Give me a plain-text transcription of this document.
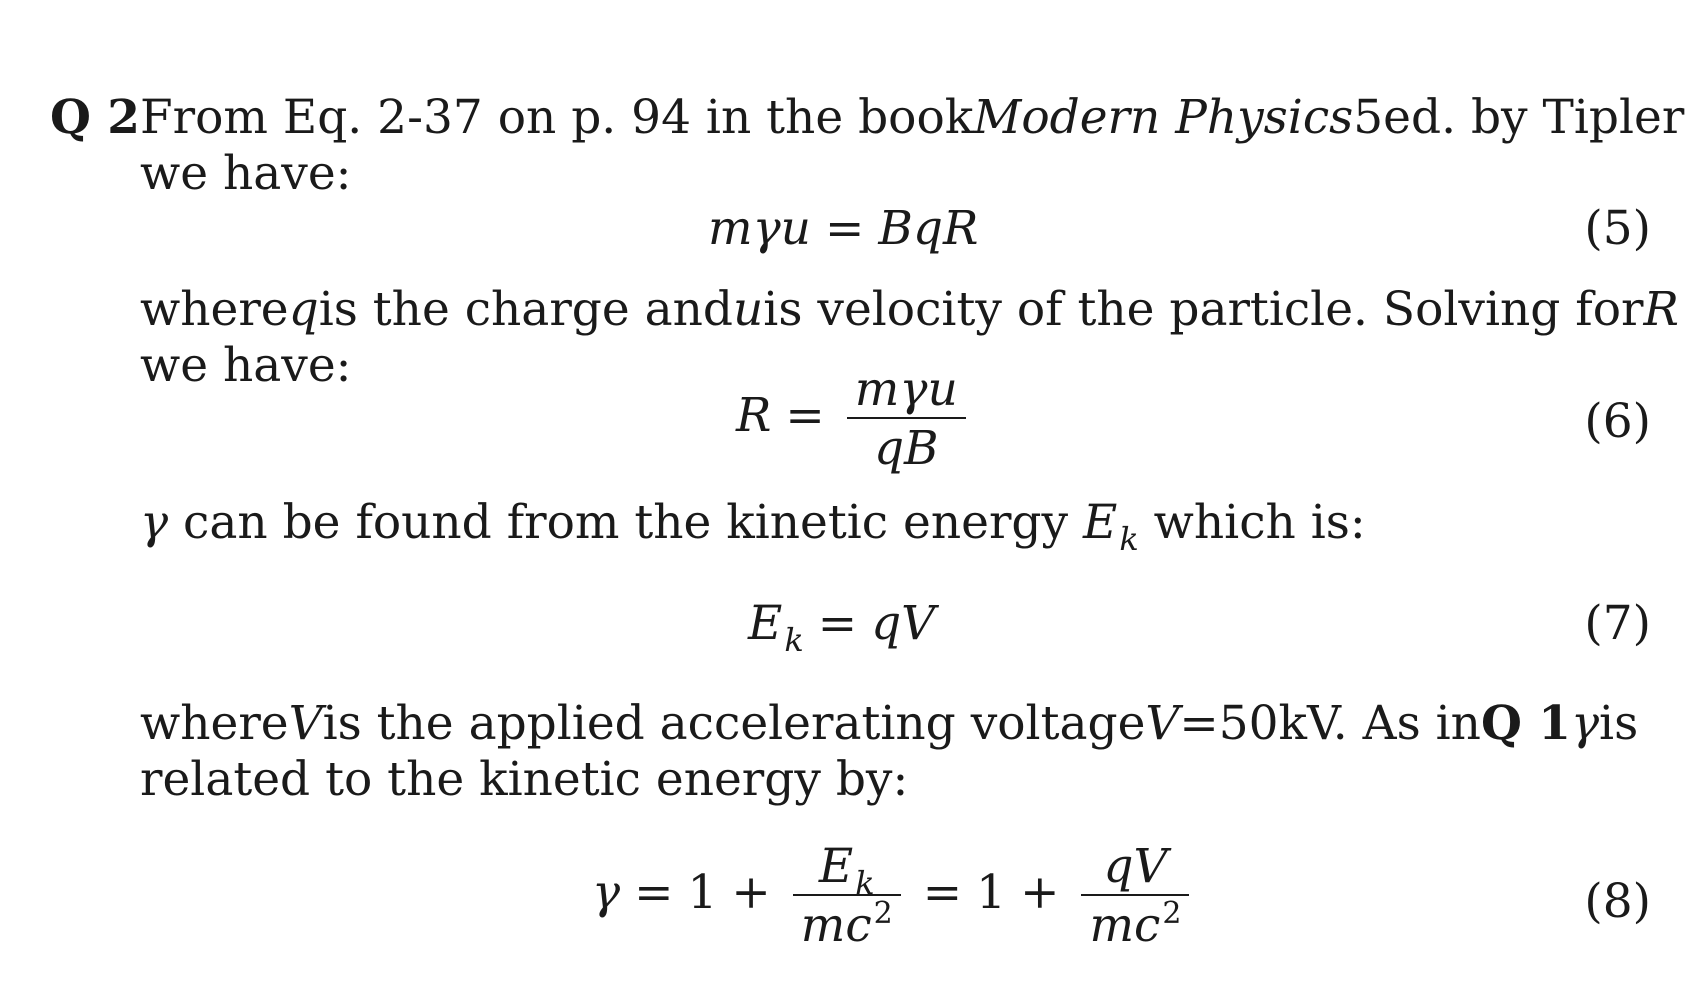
Q 2 From Eq. 2-37 on p. 94 in the book Modern Physics 5ed. by Tipler
we have:
mγu = BqR	(5)
where q is the charge and u is velocity of the particle. Solving for R
we have:
$R = \frac{\text{mγu}}{qB}$	(6)
γ can be found from the kinetic energy $E_k$ which is:
$E_k$ = qV	(7)
where V is the applied accelerating voltage V = 50kV. As in Q 1 γ is
related to the kinetic energy by:
$\gamma = 1 + \frac{E_k}{mc^2} = 1 + \frac{qV}{mc^2}$	(8)
